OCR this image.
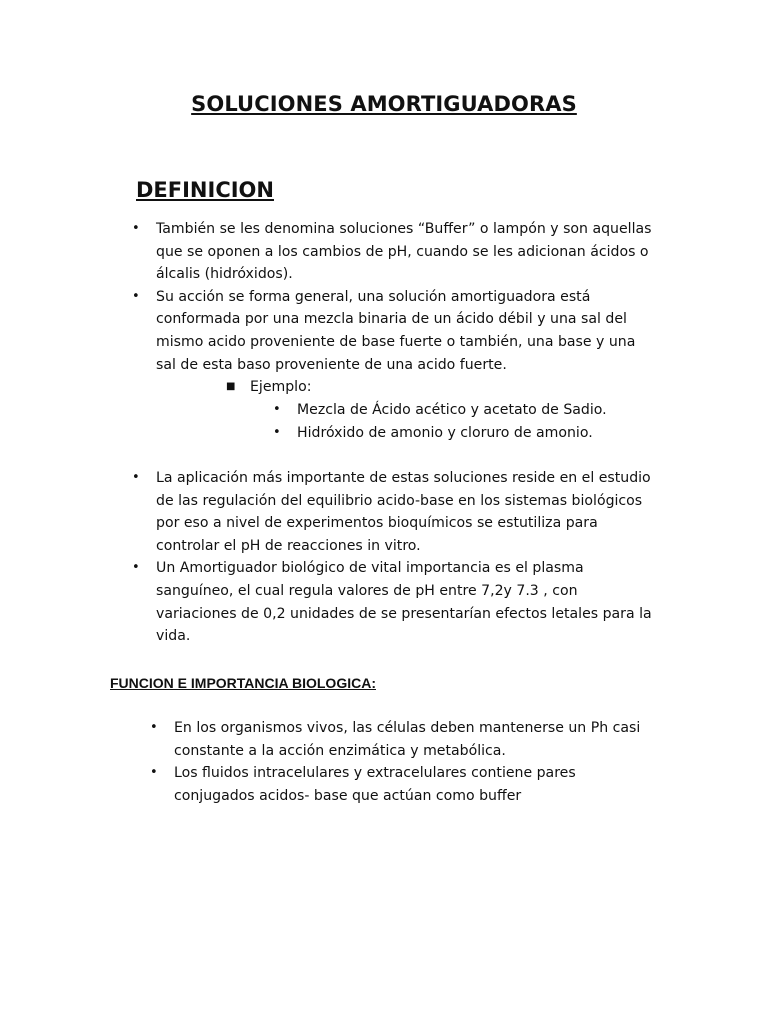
SOLUCIONES AMORTIGUADORAS
DEFINICION
• También se les denomina soluciones “Buffer” o lampón y son aquellas que se oponen a los cambios de pH, cuando se les adicionan ácidos o álcalis (hidróxidos).
• Su acción se forma general, una solución amortiguadora está conformada por una mezcla binaria de un ácido débil y una sal del mismo acido proveniente de base fuerte o también, una base y una sal de esta baso proveniente de una acido fuerte.
■ Ejemplo:
• Mezcla de Ácido acético y acetato de Sadio.
• Hidróxido de amonio y cloruro de amonio.
• La aplicación más importante de estas soluciones reside en el estudio de las regulación del equilibrio acido-base en los sistemas biológicos por eso a nivel de experimentos bioquímicos se estutiliza para controlar el pH de reacciones in vitro.
• Un Amortiguador biológico de vital importancia es el plasma sanguíneo, el cual regula valores de pH entre 7,2y 7.3 , con variaciones de 0,2 unidades de se presentarían efectos letales para la vida.
FUNCION E IMPORTANCIA BIOLOGICA:
• En los organismos vivos, las células deben mantenerse un Ph casi constante a la acción enzimática y metabólica.
• Los fluidos intracelulares y extracelulares contiene pares conjugados acidos- base que actúan como buffer
